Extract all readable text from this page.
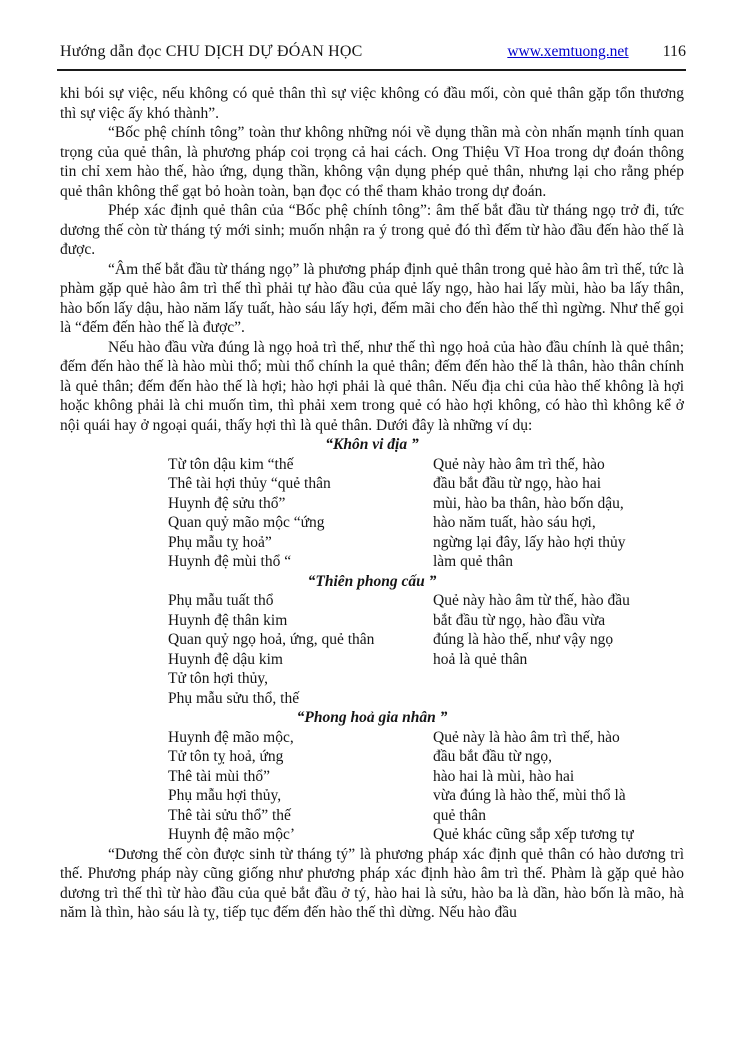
Hướng dẫn đọc CHU DỊCH DỰ ĐÓAN HỌC	www.xemtuong.net 116

khi bói sự việc, nếu không có quẻ thân thì sự việc không có đầu mối, còn quẻ thân gặp tổn thương thì sự việc ấy khó thành”.

“Bốc phệ chính tông” toàn thư không những nói về dụng thần mà còn nhấn mạnh tính quan trọng của quẻ thân, là phương pháp coi trọng cả hai cách. Ong Thiệu Vĩ Hoa trong dự đoán thông tin chỉ xem hào thế, hào ứng, dụng thần, không vận dụng phép quẻ thân, nhưng lại cho rằng phép quẻ thân không thể gạt bỏ hoàn toàn, bạn đọc có thể tham khảo trong dự đoán.

Phép xác định quẻ thân của “Bốc phệ chính tông”: âm thế bắt đầu từ tháng ngọ trở đi, tức dương thế còn từ tháng tý mới sinh; muốn nhận ra ý trong quẻ đó thì đếm từ hào đầu đến hào thế là được.

“Âm thế bắt đầu từ tháng ngọ” là phương pháp định quẻ thân trong quẻ hào âm trì thế, tức là phàm gặp quẻ hào âm trì thế thì phải tự hào đầu của quẻ lấy ngọ, hào hai lấy mùi, hào ba lấy thân, hào bốn lấy dậu, hào năm lấy tuất, hào sáu lấy hợi, đếm mãi cho đến hào thế thì ngừng. Như thế gọi là “đếm đến hào thế là được”.

Nếu hào đầu vừa đúng là ngọ hoả trì thế, như thế thì ngọ hoả của hào đầu chính là quẻ thân; đếm đến hào thế là hào mùi thổ; mùi thổ chính la quẻ thân; đếm đến hào thế là thân, hào thân chính là quẻ thân; đếm đến hào thế là hợi; hào hợi phải là quẻ thân. Nếu địa chi của hào thế không là hợi hoặc không phải là chi muốn tìm, thì phải xem trong quẻ có hào hợi không, có hào thì không kể ở nội quái hay ở ngoại quái, thấy hợi thì là quẻ thân. Dưới đây là những ví dụ:

“Khôn vi địa ”
Từ tôn dậu kim “thế	Quẻ này hào âm trì thế, hào
Thê tài hợi thủy “quẻ thân	đầu bắt đầu từ ngọ, hào hai
Huynh đệ sửu thổ”	mùi, hào ba thân, hào bốn dậu,
Quan quỷ mão mộc “ứng	hào năm tuất, hào sáu hợi,
Phụ mẫu tỵ hoả”	ngừng lại đây, lấy hào hợi thủy
Huynh đệ mùi thổ “	làm quẻ thân
“Thiên phong cấu ”
Phụ mẫu tuất thổ	Quẻ này hào âm từ thế, hào đầu
Huynh đệ thân kim	bắt đầu từ ngọ, hào đầu vừa
Quan quỷ ngọ hoả, ứng, quẻ thân	đúng là hào thế, như vậy ngọ
Huynh đệ dậu kim	hoả là quẻ thân
Tử tôn hợi thủy,
Phụ mẫu sửu thổ, thế
“Phong hoả gia nhân ”
Huynh đệ mão mộc,	Quẻ này là hào âm trì thế, hào
Tử tôn tỵ hoả, ứng	đầu bắt đầu từ ngọ,
Thê tài mùi thổ”	hào hai là mùi, hào hai
Phụ mẫu hợi thủy,	vừa đúng là hào thế, mùi thổ là
Thê tài sửu thổ” thế	quẻ thân
Huynh đệ mão mộc’	Quẻ khác cũng sắp xếp tương tự

“Dương thế còn được sinh từ tháng tý” là phương pháp xác định quẻ thân có hào dương trì thế. Phương pháp này cũng giống như phương pháp xác định hào âm trì thế. Phàm là gặp quẻ hào dương trì thế thì từ hào đầu của quẻ bắt đầu ở tý, hào hai là sửu, hào ba là dần, hào bốn là mão, hà năm là thìn, hào sáu là tỵ, tiếp tục đếm đến hào thế thì dừng. Nếu hào đầu
